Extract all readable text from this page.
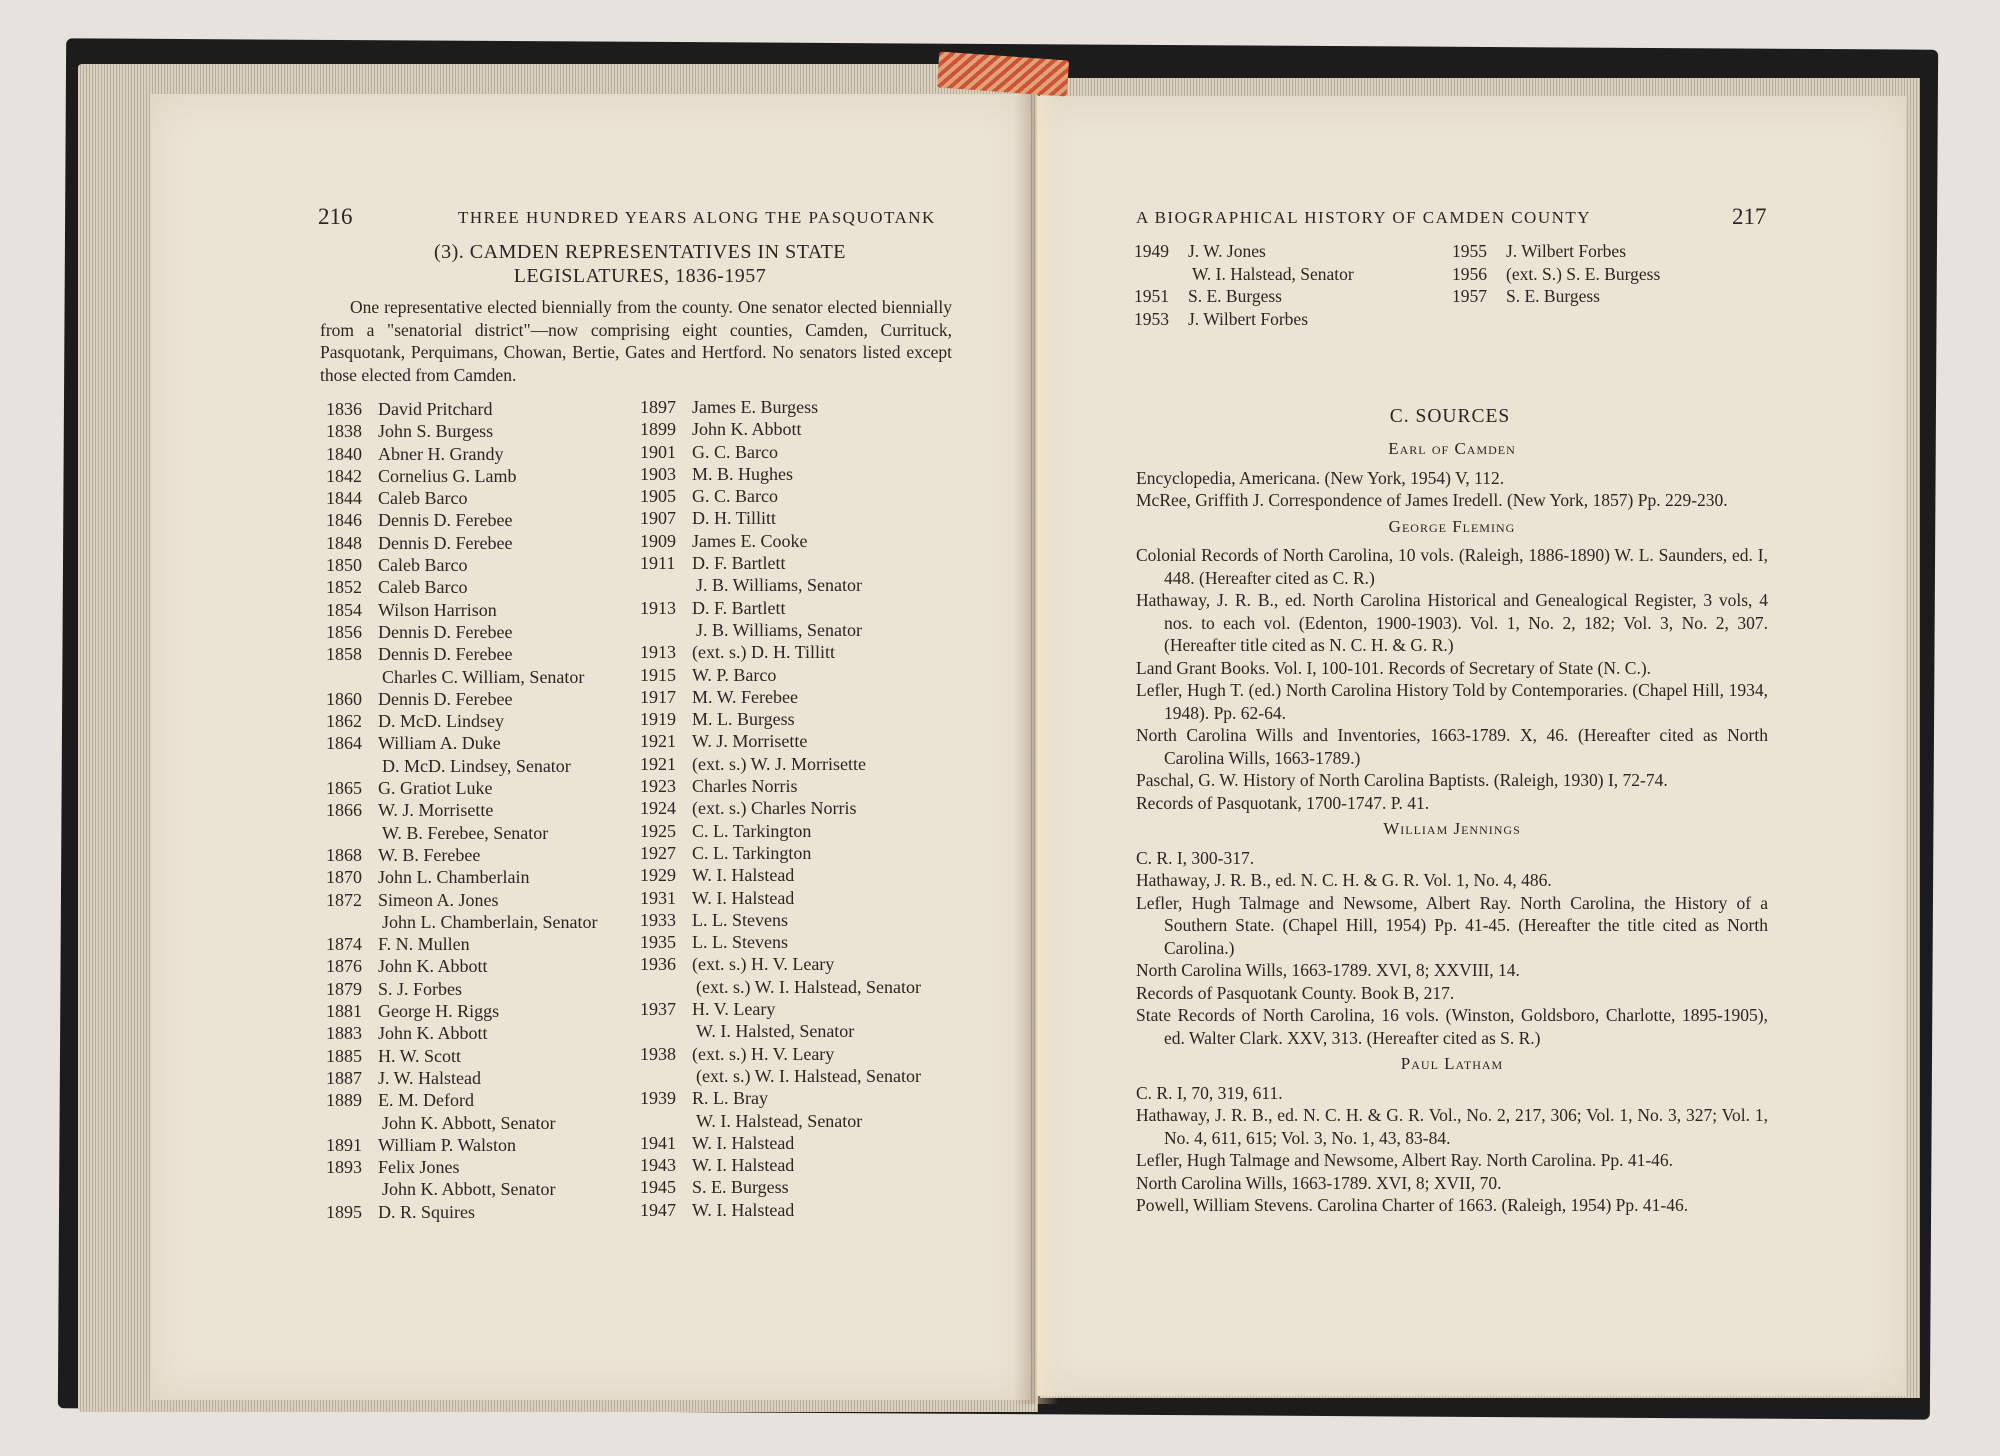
216	THREE HUNDRED YEARS ALONG THE PASQUOTANK
(3). CAMDEN REPRESENTATIVES IN STATE
LEGISLATURES, 1836-1957
One representative elected biennially from the county. One senator elected biennially from a "senatorial district"—now comprising eight counties, Camden, Currituck, Pasquotank, Perquimans, Chowan, Bertie, Gates and Hertford. No senators listed except those elected from Camden.
1836 David Pritchard
1838 John S. Burgess
1840 Abner H. Grandy
1842 Cornelius G. Lamb
1844 Caleb Barco
1846 Dennis D. Ferebee
1848 Dennis D. Ferebee
1850 Caleb Barco
1852 Caleb Barco
1854 Wilson Harrison
1856 Dennis D. Ferebee
1858 Dennis D. Ferebee
Charles C. William, Senator
1860 Dennis D. Ferebee
1862 D. McD. Lindsey
1864 William A. Duke
D. McD. Lindsey, Senator
1865 G. Gratiot Luke
1866 W. J. Morrisette
W. B. Ferebee, Senator
1868 W. B. Ferebee
1870 John L. Chamberlain
1872 Simeon A. Jones
John L. Chamberlain, Senator
1874 F. N. Mullen
1876 John K. Abbott
1879 S. J. Forbes
1881 George H. Riggs
1883 John K. Abbott
1885 H. W. Scott
1887 J. W. Halstead
1889 E. M. Deford
John K. Abbott, Senator
1891 William P. Walston
1893 Felix Jones
John K. Abbott, Senator
1895 D. R. Squires
1897 James E. Burgess
1899 John K. Abbott
1901 G. C. Barco
1903 M. B. Hughes
1905 G. C. Barco
1907 D. H. Tillitt
1909 James E. Cooke
1911 D. F. Bartlett
J. B. Williams, Senator
1913 D. F. Bartlett
J. B. Williams, Senator
1913 (ext. s.) D. H. Tillitt
1915 W. P. Barco
1917 M. W. Ferebee
1919 M. L. Burgess
1921 W. J. Morrisette
1921 (ext. s.) W. J. Morrisette
1923 Charles Norris
1924 (ext. s.) Charles Norris
1925 C. L. Tarkington
1927 C. L. Tarkington
1929 W. I. Halstead
1931 W. I. Halstead
1933 L. L. Stevens
1935 L. L. Stevens
1936 (ext. s.) H. V. Leary
(ext. s.) W. I. Halstead, Senator
1937 H. V. Leary
W. I. Halsted, Senator
1938 (ext. s.) H. V. Leary
(ext. s.) W. I. Halstead, Senator
1939 R. L. Bray
W. I. Halstead, Senator
1941 W. I. Halstead
1943 W. I. Halstead
1945 S. E. Burgess
1947 W. I. Halstead
A BIOGRAPHICAL HISTORY OF CAMDEN COUNTY	217
1949	J. W. Jones
W. I. Halstead, Senator
1951	S. E. Burgess
1953	J. Wilbert Forbes
1955	J. Wilbert Forbes
1956	(ext. S.) S. E. Burgess
1957	S. E. Burgess
C. SOURCES
Earl of Camden
Encyclopedia, Americana. (New York, 1954) V, 112.
McRee, Griffith J. Correspondence of James Iredell. (New York, 1857) Pp. 229-230.
George Fleming
Colonial Records of North Carolina, 10 vols. (Raleigh, 1886-1890) W. L. Saunders, ed. I, 448. (Hereafter cited as C. R.)
Hathaway, J. R. B., ed. North Carolina Historical and Genealogical Register, 3 vols, 4 nos. to each vol. (Edenton, 1900-1903). Vol. 1, No. 2, 182; Vol. 3, No. 2, 307. (Hereafter title cited as N. C. H. & G. R.)
Land Grant Books. Vol. I, 100-101. Records of Secretary of State (N. C.).
Lefler, Hugh T. (ed.) North Carolina History Told by Contemporaries. (Chapel Hill, 1934, 1948). Pp. 62-64.
North Carolina Wills and Inventories, 1663-1789. X, 46. (Hereafter cited as North Carolina Wills, 1663-1789.)
Paschal, G. W. History of North Carolina Baptists. (Raleigh, 1930) I, 72-74.
Records of Pasquotank, 1700-1747. P. 41.
William Jennings
C. R. I, 300-317.
Hathaway, J. R. B., ed. N. C. H. & G. R. Vol. 1, No. 4, 486.
Lefler, Hugh Talmage and Newsome, Albert Ray. North Carolina, the History of a Southern State. (Chapel Hill, 1954) Pp. 41-45. (Hereafter the title cited as North Carolina.)
North Carolina Wills, 1663-1789. XVI, 8; XXVIII, 14.
Records of Pasquotank County. Book B, 217.
State Records of North Carolina, 16 vols. (Winston, Goldsboro, Charlotte, 1895-1905), ed. Walter Clark. XXV, 313. (Hereafter cited as S. R.)
Paul Latham
C. R. I, 70, 319, 611.
Hathaway, J. R. B., ed. N. C. H. & G. R. Vol., No. 2, 217, 306; Vol. 1, No. 3, 327; Vol. 1, No. 4, 611, 615; Vol. 3, No. 1, 43, 83-84.
Lefler, Hugh Talmage and Newsome, Albert Ray. North Carolina. Pp. 41-46.
North Carolina Wills, 1663-1789. XVI, 8; XVII, 70.
Powell, William Stevens. Carolina Charter of 1663. (Raleigh, 1954) Pp. 41-46.
